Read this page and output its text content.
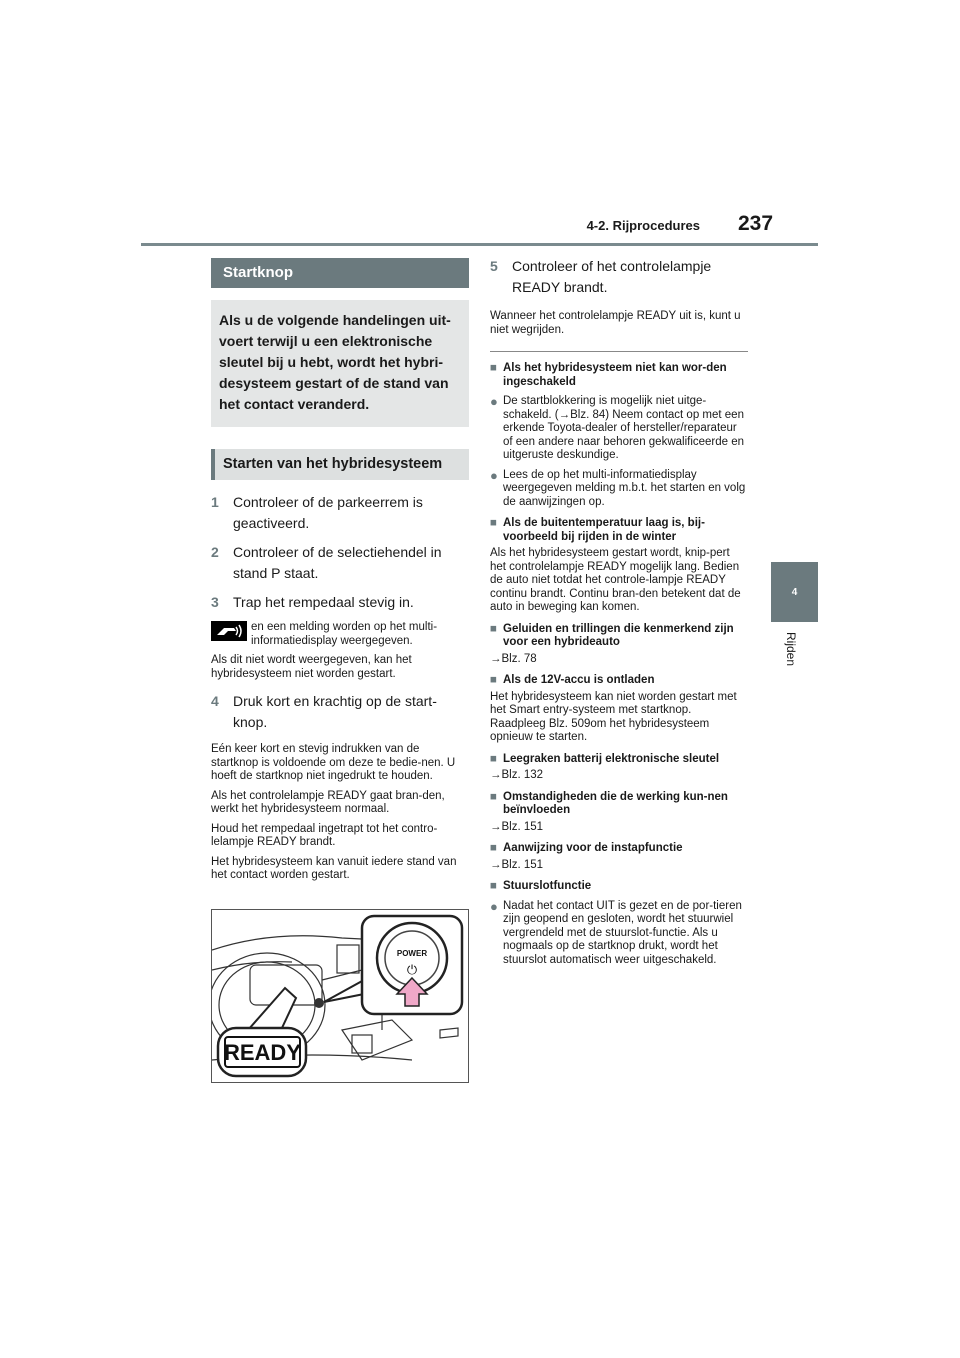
4-2. Rijprocedures 237
4
Rijden
Startknop
Als u de volgende handelingen uit-voert terwijl u een elektronische sleutel bij u hebt, wordt het hybri-desysteem gestart of de stand van het contact veranderd.
Starten van het hybridesysteem
1	Controleer of de parkeerrem is geactiveerd.
2	Controleer of de selectiehendel in stand P staat.
3	Trap het rempedaal stevig in.
en een melding worden op het multi-informatiedisplay weergegeven.
Als dit niet wordt weergegeven, kan het hybridesysteem niet worden gestart.
4	Druk kort en krachtig op de start-knop.
Eén keer kort en stevig indrukken van de startknop is voldoende om deze te bedie-nen. U hoeft de startknop niet ingedrukt te houden.
Als het controlelampje READY gaat bran-den, werkt het hybridesysteem normaal.
Houd het rempedaal ingetrapt tot het contro-lelampje READY brandt.
Het hybridesysteem kan vanuit iedere stand van het contact worden gestart.
READY
POWER
⏻
5	Controleer of het controlelampje READY brandt.
Wanneer het controlelampje READY uit is, kunt u niet wegrijden.
■ Als het hybridesysteem niet kan wor-den ingeschakeld
● De startblokkering is mogelijk niet uitge-schakeld. (→Blz. 84) Neem contact op met een erkende Toyota-dealer of hersteller/reparateur of een andere naar behoren gekwalificeerde en uitgeruste deskundige.
● Lees de op het multi-informatiedisplay weergegeven melding m.b.t. het starten en volg de aanwijzingen op.
■ Als de buitentemperatuur laag is, bij-voorbeeld bij rijden in de winter
Als het hybridesysteem gestart wordt, knip-pert het controlelampje READY mogelijk lang. Bedien de auto niet totdat het controle-lampje READY continu brandt. Continu bran-den betekent dat de auto in beweging kan komen.
■ Geluiden en trillingen die kenmerkend zijn voor een hybrideauto
→Blz. 78
■ Als de 12V-accu is ontladen
Het hybridesysteem kan niet worden gestart met het Smart entry-systeem met startknop. Raadpleeg Blz. 509om het hybridesysteem opnieuw te starten.
■ Leegraken batterij elektronische sleutel
→Blz. 132
■ Omstandigheden die de werking kun-nen beïnvloeden
→Blz. 151
■ Aanwijzing voor de instapfunctie
→Blz. 151
■ Stuurslotfunctie
● Nadat het contact UIT is gezet en de por-tieren zijn geopend en gesloten, wordt het stuurwiel vergrendeld met de stuurslot-functie. Als u nogmaals op de startknop drukt, wordt het stuurslot automatisch weer uitgeschakeld.
